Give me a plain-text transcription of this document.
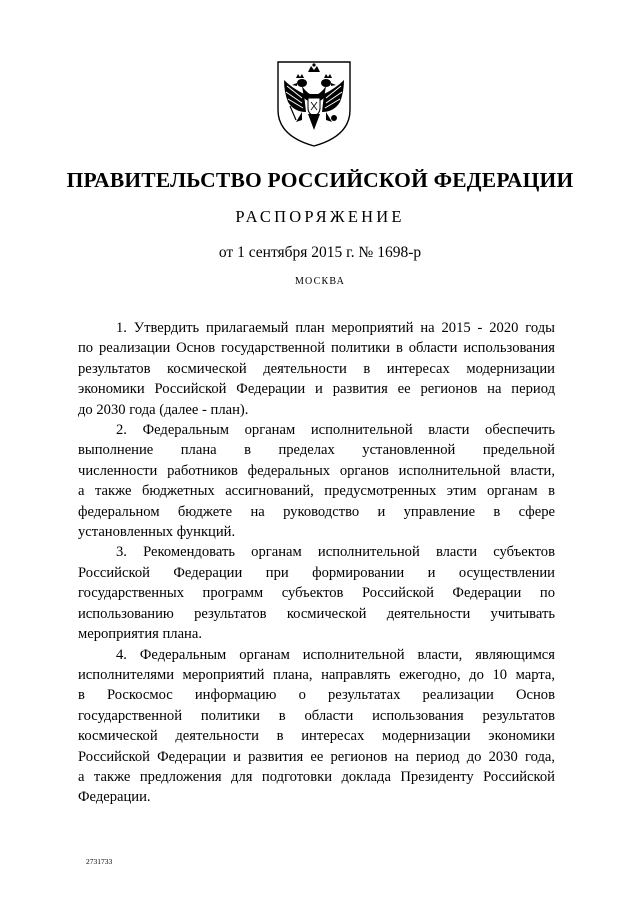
ПРАВИТЕЛЬСТВО РОССИЙСКОЙ ФЕДЕРАЦИИ
РАСПОРЯЖЕНИЕ
от 1 сентября 2015 г. № 1698-р
МОСКВА
1. Утвердить прилагаемый план мероприятий на 2015 - 2020 годы
по реализации Основ государственной политики в области использования
результатов космической деятельности в интересах модернизации
экономики Российской Федерации и развития ее регионов на период
до 2030 года (далее - план).
2. Федеральным органам исполнительной власти обеспечить
выполнение плана в пределах установленной предельной
численности работников федеральных органов исполнительной власти,
а также бюджетных ассигнований, предусмотренных этим органам в
федеральном бюджете на руководство и управление в сфере
установленных функций.
3. Рекомендовать органам исполнительной власти субъектов
Российской Федерации при формировании и осуществлении
государственных программ субъектов Российской Федерации по
использованию результатов космической деятельности учитывать
мероприятия плана.
4. Федеральным органам исполнительной власти, являющимся
исполнителями мероприятий плана, направлять ежегодно, до 10 марта,
в Роскосмос информацию о результатах реализации Основ
государственной политики в области использования результатов
космической деятельности в интересах модернизации экономики
Российской Федерации и развития ее регионов на период до 2030 года,
а также предложения для подготовки доклада Президенту Российской
Федерации.
2731733
